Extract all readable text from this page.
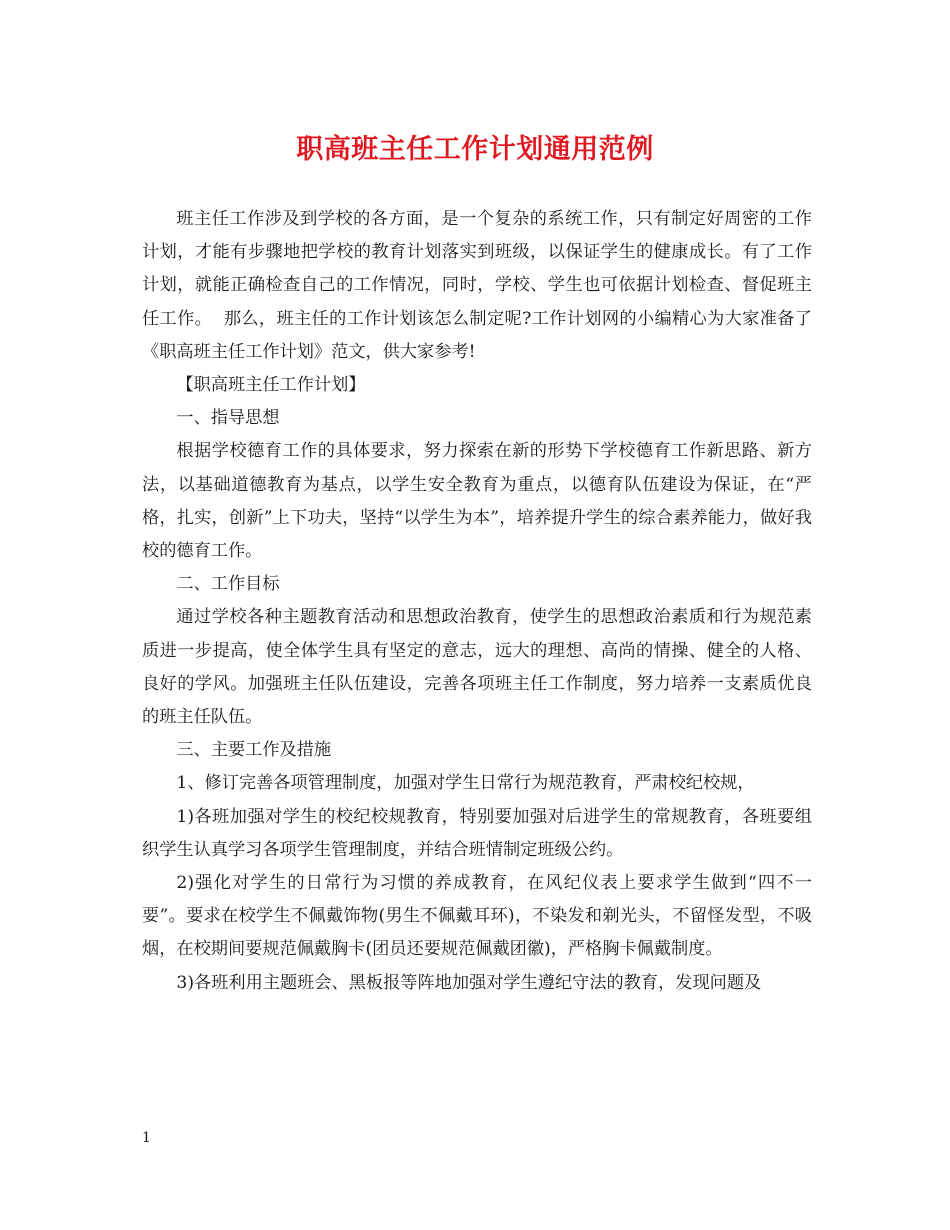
职高班主任工作计划通用范例

班主任工作涉及到学校的各方面，是一个复杂的系统工作，只有制定好周密的工作计划，才能有步骤地把学校的教育计划落实到班级，以保证学生的健康成长。有了工作计划，就能正确检查自己的工作情况，同时，学校、学生也可依据计划检查、督促班主任工作。  那么，班主任的工作计划该怎么制定呢?工作计划网的小编精心为大家准备了《职高班主任工作计划》范文，供大家参考!

【职高班主任工作计划】

一、指导思想

根据学校德育工作的具体要求，努力探索在新的形势下学校德育工作新思路、新方法，以基础道德教育为基点，以学生安全教育为重点，以德育队伍建设为保证，在“严格，扎实，创新”上下功夫，坚持“以学生为本”，培养提升学生的综合素养能力，做好我校的德育工作。

二、工作目标

通过学校各种主题教育活动和思想政治教育，使学生的思想政治素质和行为规范素质进一步提高，使全体学生具有坚定的意志，远大的理想、高尚的情操、健全的人格、良好的学风。加强班主任队伍建设，完善各项班主任工作制度，努力培养一支素质优良的班主任队伍。

三、主要工作及措施

1、修订完善各项管理制度，加强对学生日常行为规范教育，严肃校纪校规，

1)各班加强对学生的校纪校规教育，特别要加强对后进学生的常规教育，各班要组织学生认真学习各项学生管理制度，并结合班情制定班级公约。

2)强化对学生的日常行为习惯的养成教育，在风纪仪表上要求学生做到“四不一要”。要求在校学生不佩戴饰物(男生不佩戴耳环)，不染发和剃光头，不留怪发型，不吸烟，在校期间要规范佩戴胸卡(团员还要规范佩戴团徽)，严格胸卡佩戴制度。

3)各班利用主题班会、黑板报等阵地加强对学生遵纪守法的教育，发现问题及

1
